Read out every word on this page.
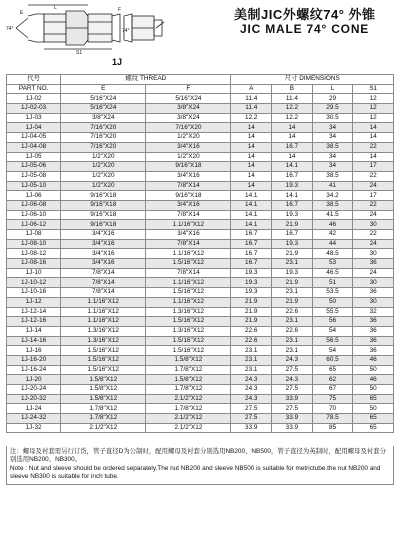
74°
L
S1
E	F
74°
1J
美制JIC外螺纹74° 外锥
JIC MALE 74° CONE
代号	螺纹 THREAD		尺寸 DIMENSIONS			
PART NO.	E	F	A	B	L	S1
1J-02	5/16"X24	5/16"X24	11.4	11.4	29	12
1J-02-03	5/16"X24	3/8"X24	11.4	12.2	29.5	12
1J-03	3/8"X24	3/8"X24	12.2	12.2	30.5	12
1J-04	7/16"X20	7/16"X20	14	14	34	14
1J-04-05	7/16"X20	1/2"X20	14	14	34	14
1J-04-08	7/16"X20	3/4"X16	14	16.7	38.5	22
1J-05	1/2"X20	1/2"X20	14	14	34	14
1J-05-06	1/2"X20	9/16"X18	14	14.1	34	17
1J-05-08	1/2"X20	3/4"X16	14	16.7	38.5	22
1J-05-10	1/2"X20	7/8"X14	14	19.3	41	24
1J-06	9/16"X18	9/16"X18	14.1	14.1	34.2	17
1J-06-08	9/16"X18	3/4"X16	14.1	16.7	38.5	22
1J-06-10	9/16"X18	7/8"X14	14.1	19.3	41.5	24
1J-06-12	9/16"X18	1.1/16"X12	14.1	21.9	46	30
1J-08	3/4"X16	3/4"X16	16.7	16.7	42	22
1J-08-10	3/4"X16	7/8"X14	16.7	19.3	44	24
1J-08-12	3/4"X16	1.1/16"X12	16.7	21.9	48.5	30
1J-08-16	3/4"X16	1.5/16"X12	16.7	23.1	53	36
1J-10	7/8"X14	7/8"X14	19.3	19.3	46.5	24
1J-10-12	7/8"X14	1.1/16"X12	19.3	21.9	51	30
1J-10-16	7/8"X14	1.5/16"X12	19.3	23.1	53.5	36
1J-12	1.1/16"X12	1.1/16"X12	21.9	21.9	50	30
1J-12-14	1.1/16"X12	1.3/16"X12	21.9	22.6	55.5	32
1J-12-16	1.1/16"X12	1.5/16"X12	21.9	23.1	56	36
1J-14	1.3/16"X12	1.3/16"X12	22.6	22.6	54	36
1J-14-16	1.3/16"X12	1.5/16"X12	22.6	23.1	56.5	36
1J-16	1.5/16"X12	1.5/16"X12	23.1	23.1	54	36
1J-16-20	1.5/16"X12	1.5/8"X12	23.1	24.3	60.5	46
1J-16-24	1.5/16"X12	1.7/8"X12	23.1	27.5	65	50
1J-20	1.5/8"X12	1.5/8"X12	24.3	24.3	62	46
1J-20-24	1.5/8"X12	1.7/8"X12	24.3	27.5	67	50
1J-20-32	1.5/8"X12	2.1/2"X12	24.3	33.9	75	65
1J-24	1.7/8"X12	1.7/8"X12	27.5	27.5	70	50
1J-24-32	1.7/8"X12	2.1/2"X12	27.5	33.9	78.5	65
1J-32	2.1/2"X12	2.1/2"X12	33.9	33.9	85	65
注：螺母及衬套需另行订货，管子直径D为公制时，配用螺母及衬套分别选用NB200、NB500，管子直径为英制时，配用螺母及衬套分别选用NB200、NB300。
Note : Nut and sleeve should be ordered separately.The nut NB200 and sleeve NB500 is suitable for metrictube.the nut NB200 and sleeve NB300 is suitable for inch tube.
